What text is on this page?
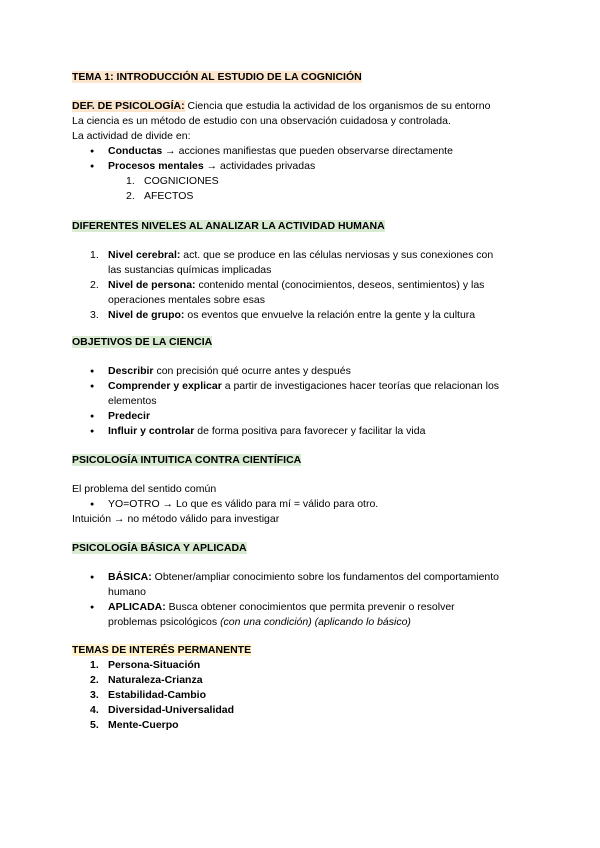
TEMA 1: INTRODUCCIÓN AL ESTUDIO DE LA COGNICIÓN
DEF. DE PSICOLOGÍA: Ciencia que estudia la actividad de los organismos de su entorno
La ciencia es un método de estudio con una observación cuidadosa y controlada.
La actividad de divide en:
● Conductas → acciones manifiestas que pueden observarse directamente
● Procesos mentales → actividades privadas
1. COGNICIONES
2. AFECTOS
DIFERENTES NIVELES AL ANALIZAR LA ACTIVIDAD HUMANA
1. Nivel cerebral: act. que se produce en las células nerviosas y sus conexiones con
las sustancias químicas implicadas
2. Nivel de persona: contenido mental (conocimientos, deseos, sentimientos) y las
operaciones mentales sobre esas
3. Nivel de grupo: os eventos que envuelve la relación entre la gente y la cultura
OBJETIVOS DE LA CIENCIA
● Describir con precisión qué ocurre antes y después
● Comprender y explicar a partir de investigaciones hacer teorías que relacionan los
elementos
● Predecir
● Influir y controlar de forma positiva para favorecer y facilitar la vida
PSICOLOGÍA INTUITICA CONTRA CIENTÍFICA
El problema del sentido común
● YO=OTRO → Lo que es válido para mí = válido para otro.
Intuición → no método válido para investigar
PSICOLOGÍA BÁSICA Y APLICADA
● BÁSICA: Obtener/ampliar conocimiento sobre los fundamentos del comportamiento
humano
● APLICADA: Busca obtener conocimientos que permita prevenir o resolver
problemas psicológicos (con una condición) (aplicando lo básico)
TEMAS DE INTERÉS PERMANENTE
1. Persona-Situación
2. Naturaleza-Crianza
3. Estabilidad-Cambio
4. Diversidad-Universalidad
5. Mente-Cuerpo
